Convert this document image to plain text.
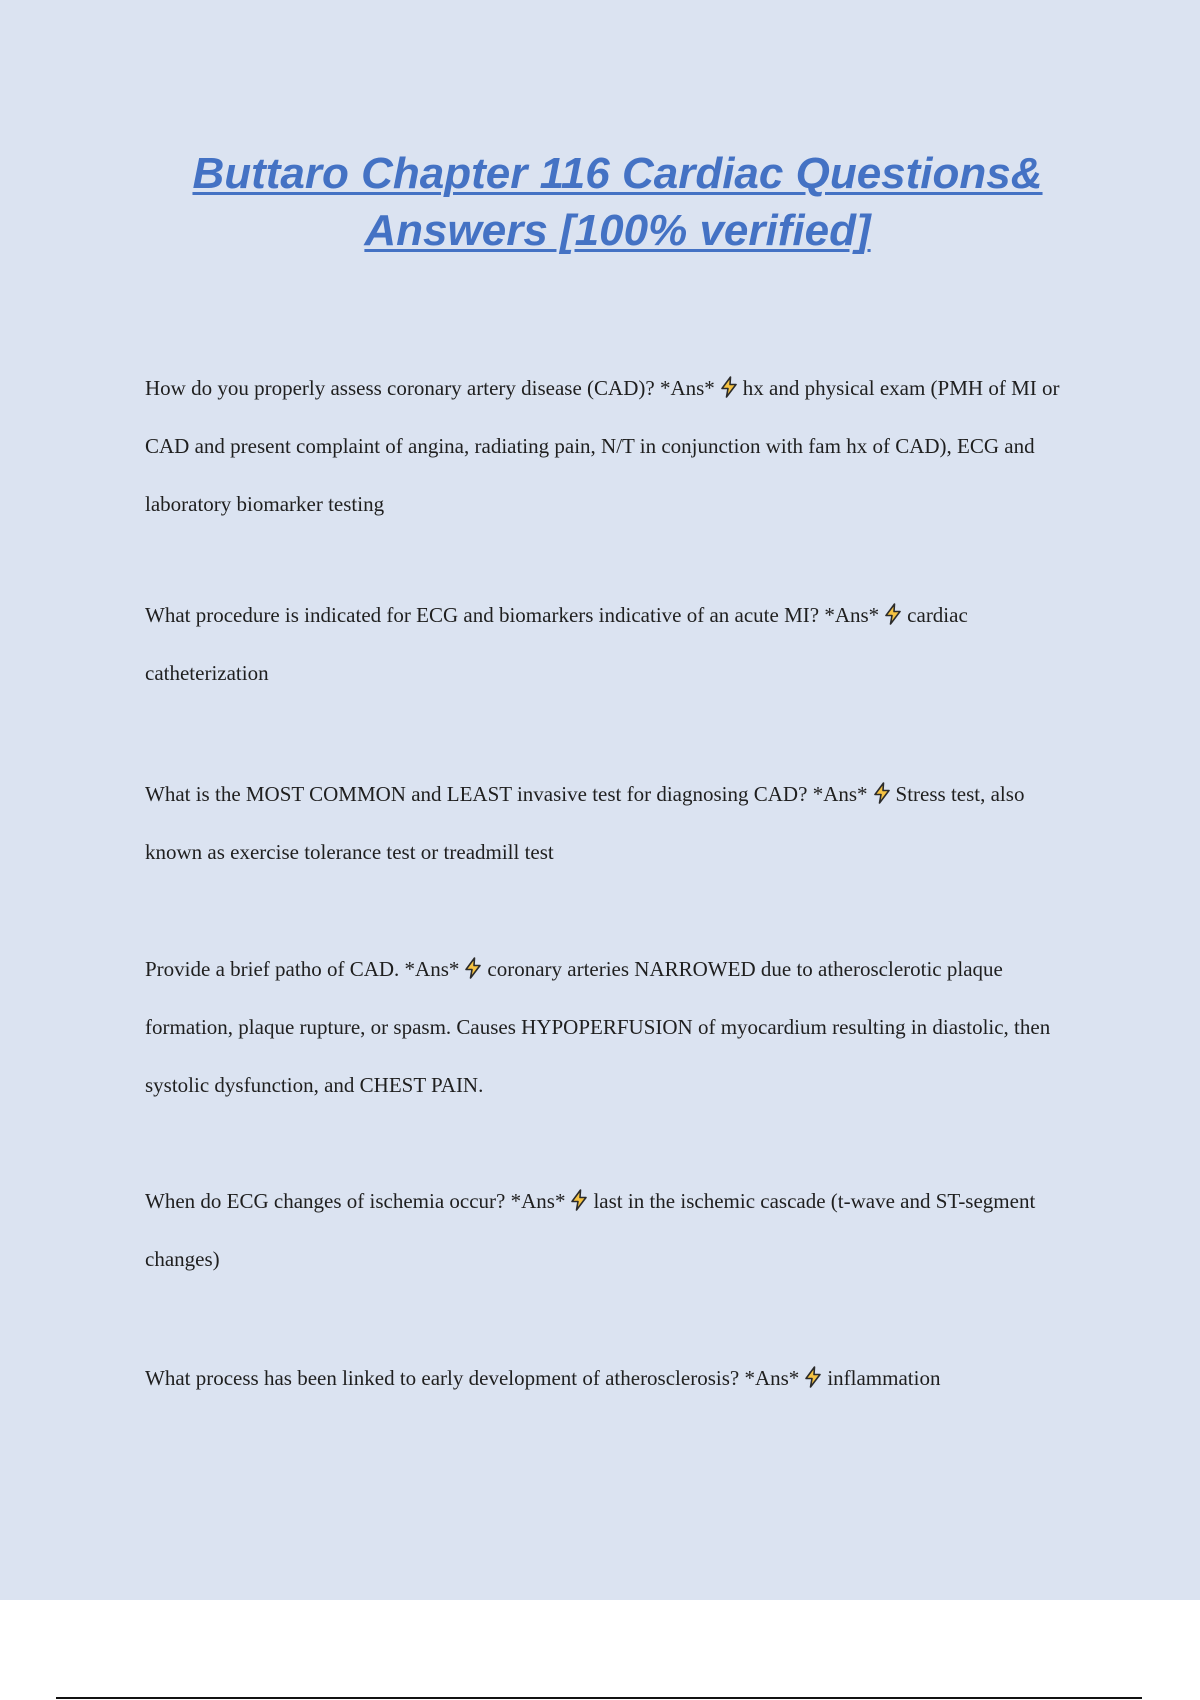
Buttaro Chapter 116 Cardiac Questions& Answers [100% verified]

How do you properly assess coronary artery disease (CAD)? *Ans* hx and physical exam (PMH of MI or CAD and present complaint of angina, radiating pain, N/T in conjunction with fam hx of CAD), ECG and laboratory biomarker testing

What procedure is indicated for ECG and biomarkers indicative of an acute MI? *Ans* cardiac catheterization

What is the MOST COMMON and LEAST invasive test for diagnosing CAD? *Ans* Stress test, also known as exercise tolerance test or treadmill test

Provide a brief patho of CAD. *Ans* coronary arteries NARROWED due to atherosclerotic plaque formation, plaque rupture, or spasm. Causes HYPOPERFUSION of myocardium resulting in diastolic, then systolic dysfunction, and CHEST PAIN.

When do ECG changes of ischemia occur? *Ans* last in the ischemic cascade (t-wave and ST-segment changes)

What process has been linked to early development of atherosclerosis? *Ans* inflammation
